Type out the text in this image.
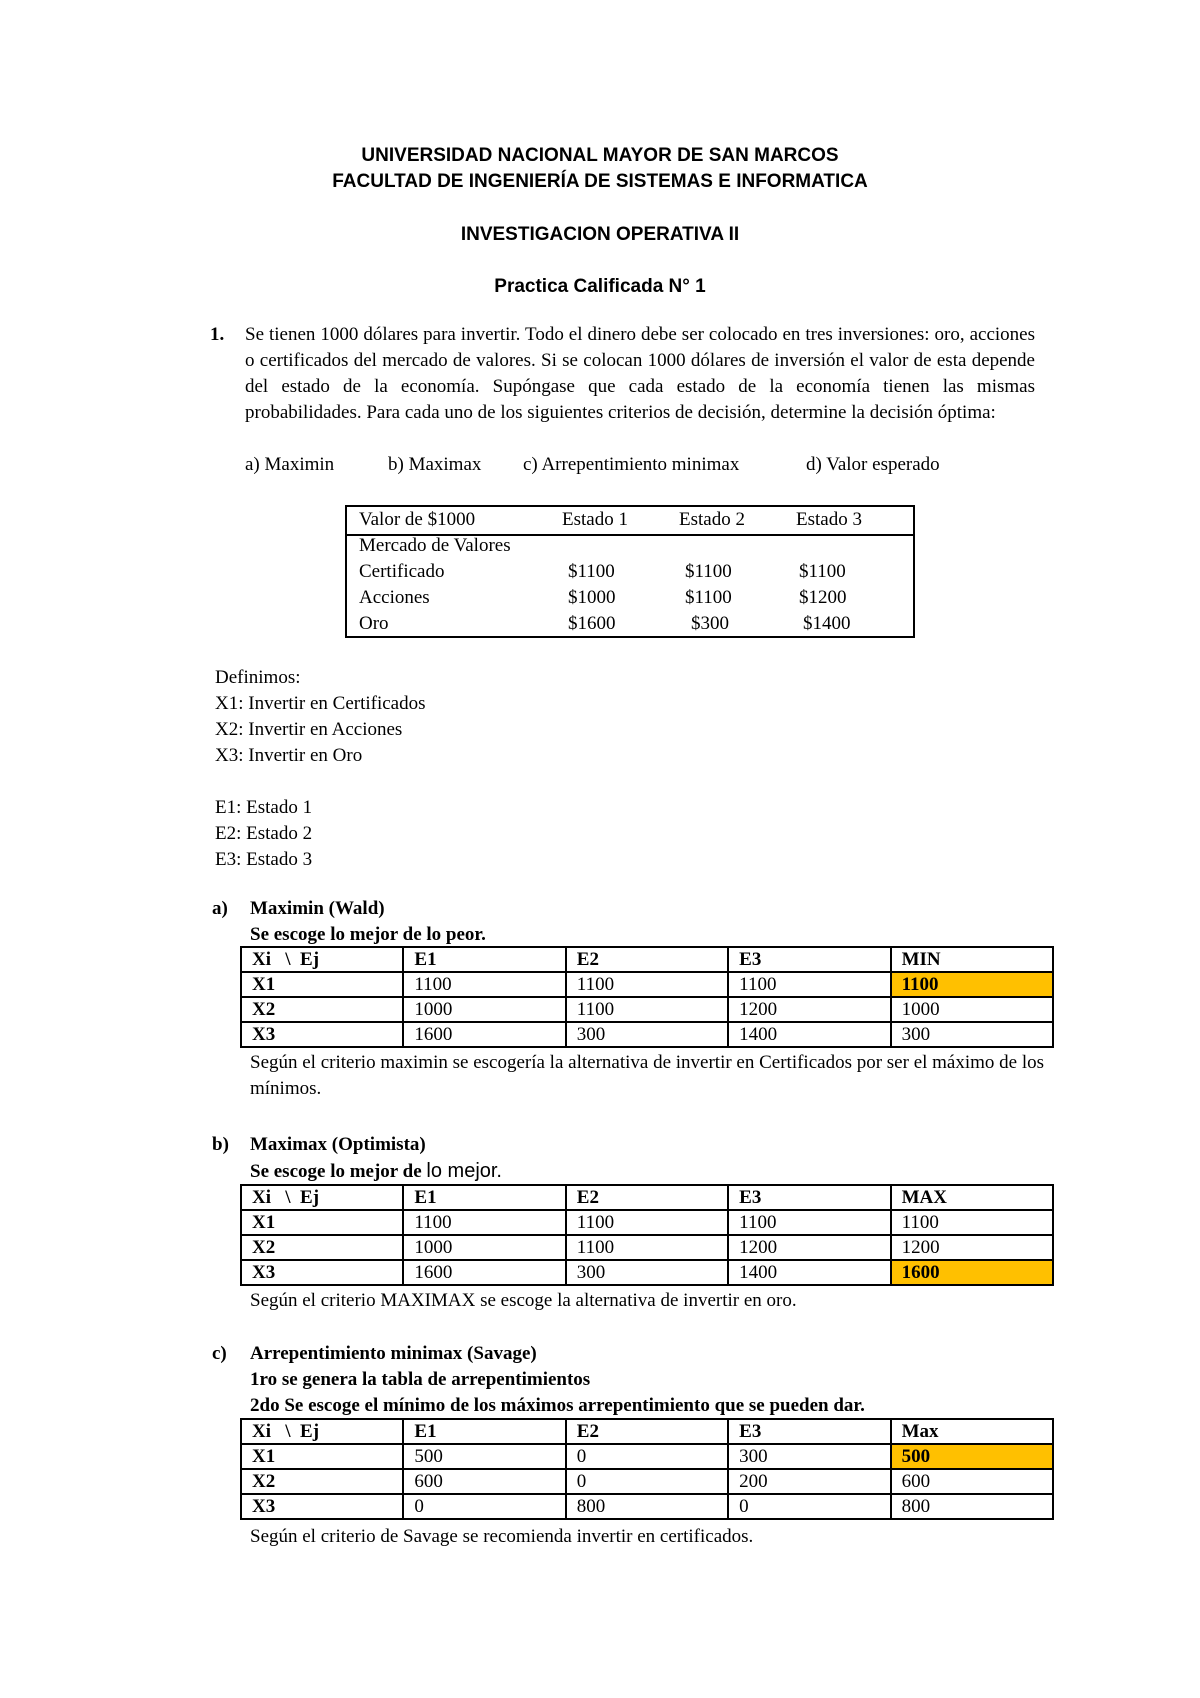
UNIVERSIDAD NACIONAL MAYOR DE SAN MARCOS
FACULTAD DE INGENIERÍA DE SISTEMAS E INFORMATICA
INVESTIGACION OPERATIVA II
Practica Calificada N° 1
1. Se tienen 1000 dólares para invertir. Todo el dinero debe ser colocado en tres inversiones: oro, acciones o certificados del mercado de valores. Si se colocan 1000 dólares de inversión el valor de esta depende del estado de la economía. Supóngase que cada estado de la economía tienen las mismas probabilidades. Para cada uno de los siguientes criterios de decisión, determine la decisión óptima:
a) Maximin	b) Maximax c) Arrepentimiento minimax	d) Valor esperado
Valor de $1000	Estado 1	Estado 2	Estado 3
Mercado de Valores
Certificado	$1100	$1100	$1100
Acciones	$1000	$1100	$1200
Oro	$1600	$300	$1400
Definimos:
X1: Invertir en Certificados
X2: Invertir en Acciones
X3: Invertir en Oro
E1: Estado 1
E2: Estado 2
E3: Estado 3
a) Maximin (Wald)
Se escoge lo mejor de lo peor.
Xi   \  Ej	E1	E2	E3	MIN
X1	1100	1100	1100	1100
X2	1000	1100	1200	1000
X3	1600	300	1400	300
Según el criterio maximin se escogería la alternativa de invertir en Certificados por ser el máximo de los mínimos.
b) Maximax (Optimista)
Se escoge lo mejor de lo mejor.
Xi   \  Ej	E1	E2	E3	MAX
X1	1100	1100	1100	1100
X2	1000	1100	1200	1200
X3	1600	300	1400	1600
Según el criterio MAXIMAX se escoge la alternativa de invertir en oro.
c) Arrepentimiento minimax (Savage)
1ro se genera la tabla de arrepentimientos
2do Se escoge el mínimo de los máximos arrepentimiento que se pueden dar.
Xi   \  Ej	E1	E2	E3	Max
X1	500	0	300	500
X2	600	0	200	600
X3	0	800	0	800
Según el criterio de Savage se recomienda invertir en certificados.
